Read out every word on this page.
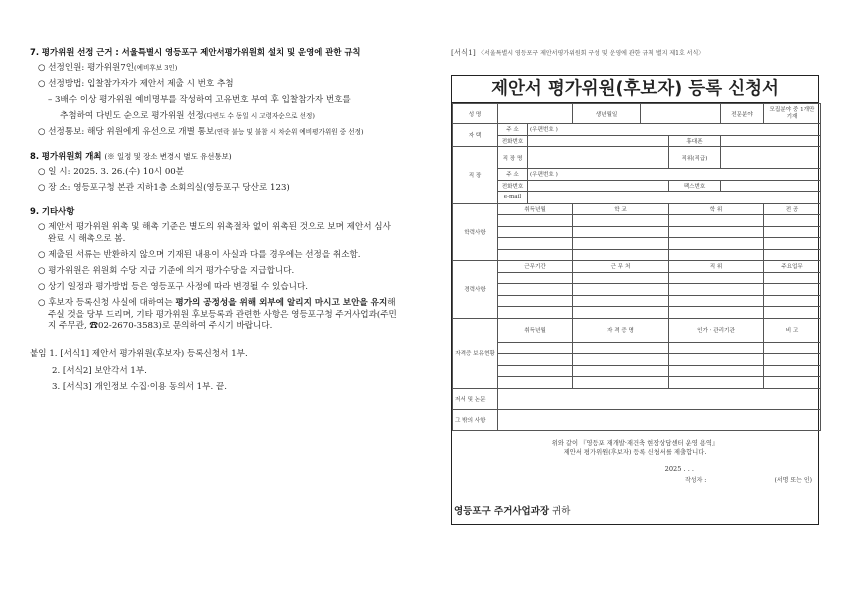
7. 평가위원 선정 근거 : 서울특별시 영등포구 제안서평가위원회 설치 및 운영에 관한 규칙
○ 선정인원: 평가위원7인(예비후보 3인)
○ 선정방법: 입찰참가자가 제안서 제출 시 번호 추첨
– 3배수 이상 평가위원 예비명부를 작성하여 고유번호 부여 후 입찰참가자 번호를
추첨하여 다빈도 순으로 평가위원 선정(다빈도 수 동일 시 고령자순으로 선정)
○ 선정통보: 해당 위원에게 유선으로 개별 통보(연락 불능 및 불참 시 차순위 예비평가위원 중 선정)
8. 평가위원회 개최 (※ 일정 및 장소 변경시 별도 유선통보)
○ 일 시: 2025. 3. 26.(수) 10시 00분
○ 장 소: 영등포구청 본관 지하1층 소회의실(영등포구 당산로 123)
9. 기타사항
○ 제안서 평가위원 위촉 및 해촉 기준은 별도의 위촉절차 없이 위촉된 것으로 보며 제안서 심사 완료 시 해촉으로 봄.
○ 제출된 서류는 반환하지 않으며 기재된 내용이 사실과 다를 경우에는 선정을 취소함.
○ 평가위원은 위원회 수당 지급 기준에 의거 평가수당을 지급합니다.
○ 상기 일정과 평가방법 등은 영등포구 사정에 따라 변경될 수 있습니다.
○ 후보자 등록신청 사실에 대하여는 평가의 공정성을 위해 외부에 알리지 마시고 보안을 유지해 주실 것을 당부 드리며, 기타 평가위원 후보등록과 관련한 사항은 영등포구청 주거사업과(주민지 주무관, ☎02-2670-3583)로 문의하여 주시기 바랍니다.
붙임 1. [서식1] 제안서 평가위원(후보자) 등록신청서 1부.
2. [서식2] 보안각서 1부.
3. [서식3] 개인정보 수집·이용 동의서 1부. 끝.
[서식1] 〈서울특별시 영등포구 제안서평가위원회 구성 및 운영에 관한 규칙 별지 제1호 서식〉
제안서 평가위원(후보자) 등록 신청서
성 명			생년월일			전문분야	모집분야 중 1개만 기재
자 택	주 소	(우편번호 )					
	전화번호				휴대폰		
직 장	직 장 명				직위(직급)		
	주 소	(우편번호 )					
	전화번호				팩스번호		
	e-mail						
학력사항	취득년월		학 교		학 위		전 공

경력사항	근무기간		근 무 처		직 위		주요업무

자격증 보유현황	취득년월		자 격 증 명		인가 · 관리기관		비 고

저서 및 논문							
그 밖의 사항							
위와 같이 『영등포 재개발·재건축 현장상담센터 운영 용역』
제안서 평가위원(후보자) 등록 신청서를 제출합니다.
2025 . . .
작성자 :	(서명 또는 인)
영등포구 주거사업과장 귀하
